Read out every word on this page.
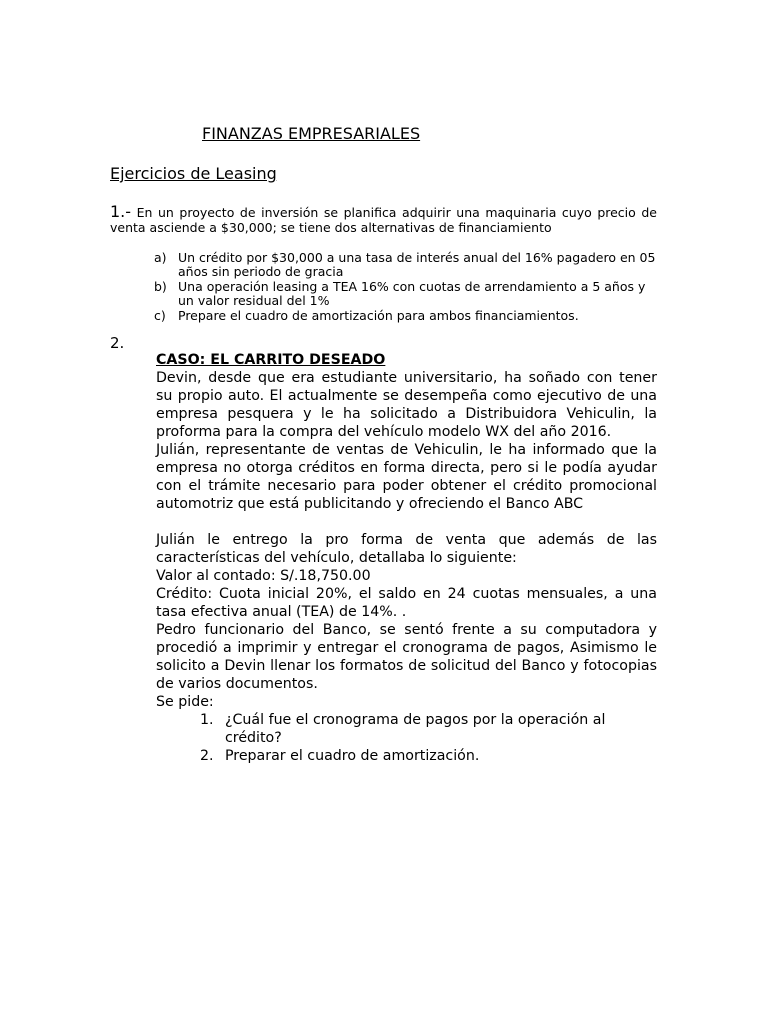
FINANZAS EMPRESARIALES
Ejercicios de Leasing
1.- En un proyecto de inversión se planifica adquirir una maquinaria cuyo precio de venta asciende a $30,000; se tiene dos alternativas de financiamiento
a) Un crédito por $30,000 a una tasa de interés anual del 16% pagadero en 05 años sin periodo de gracia
b) Una operación leasing a TEA 16% con cuotas de arrendamiento a 5 años y un valor residual del 1%
c) Prepare el cuadro de amortización para ambos financiamientos.
2.
CASO: EL CARRITO DESEADO

Devin, desde que era estudiante universitario, ha soñado con tener su propio auto. El actualmente se desempeña como ejecutivo de una empresa pesquera y le ha solicitado a Distribuidora Vehiculin, la proforma para la compra del vehículo modelo WX del año 2016.

Julián, representante de ventas de Vehiculin, le ha informado que la empresa no otorga créditos en forma directa, pero si le podía ayudar con el trámite necesario para poder obtener el crédito promocional automotriz que está publicitando y ofreciendo el Banco ABC

Julián le entrego la pro forma de venta que además de las características del vehículo, detallaba lo siguiente:

Valor al contado: S/.18,750.00

Crédito: Cuota inicial 20%, el saldo en 24 cuotas mensuales, a una tasa efectiva anual (TEA) de 14%. .

Pedro funcionario del Banco, se sentó frente a su computadora y procedió a imprimir y entregar el cronograma de pagos, Asimismo le solicito a Devin llenar los formatos de solicitud del Banco y fotocopias de varios documentos.

Se pide:

1. ¿Cuál fue el cronograma de pagos por la operación al crédito?
2. Preparar el cuadro de amortización.
